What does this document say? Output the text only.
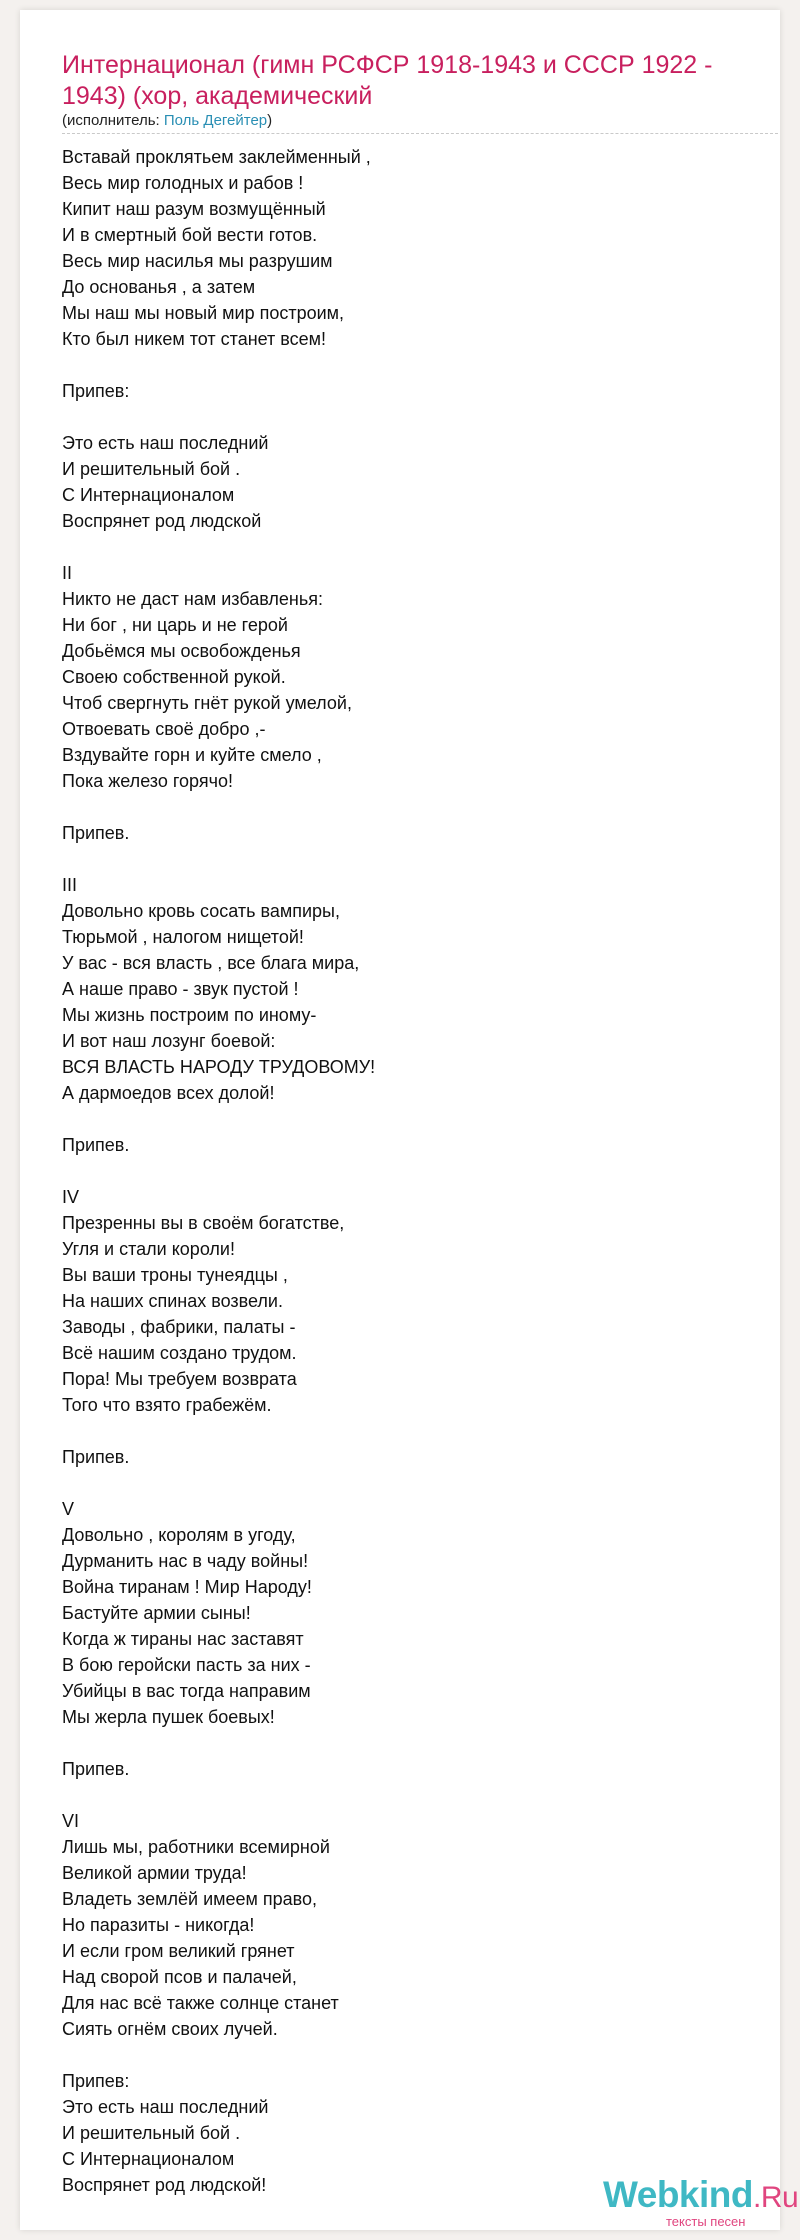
Интернационал (гимн РСФСР 1918-1943 и СССР 1922 - 1943) (хор, академический
(исполнитель: Поль Дегейтер)
Вставай проклятьем заклейменный ,
Весь мир голодных и рабов !
Кипит наш разум возмущённый
И в смертный бой вести готов.
Весь мир насилья мы разрушим
До основанья , а затем
Мы наш мы новый мир построим,
Кто был никем тот станет всем!
Припев:
Это есть наш последний
И решительный бой .
С Интернационалом
Воспрянет род людской
II
Никто не даст нам избавленья:
Ни бог , ни царь и не герой
Добьёмся мы освобожденья
Своею собственной рукой.
Чтоб свергнуть гнёт рукой умелой,
Отвоевать своё добро ,-
Вздувайте горн и куйте смело ,
Пока железо горячо!
Припев.
III
Довольно кровь сосать вампиры,
Тюрьмой , налогом нищетой!
У вас - вся власть , все блага мира,
А наше право - звук пустой !
Мы жизнь построим по иному-
И вот наш лозунг боевой:
ВСЯ ВЛАСТЬ НАРОДУ ТРУДОВОМУ!
А дармоедов всех долой!
Припев.
IV
Презренны вы в своём богатстве,
Угля и стали короли!
Вы ваши троны тунеядцы ,
На наших спинах возвели.
Заводы , фабрики, палаты -
Всё нашим создано трудом.
Пора! Мы требуем возврата
Того что взято грабежём.
Припев.
V
Довольно , королям в угоду,
Дурманить нас в чаду войны!
Война тиранам ! Мир Народу!
Бастуйте армии сыны!
Когда ж тираны нас заставят
В бою геройски пасть за них -
Убийцы в вас тогда направим
Мы жерла пушек боевых!
Припев.
VI
Лишь мы, работники всемирной
Великой армии труда!
Владеть землёй имеем право,
Но паразиты - никогда!
И если гром великий грянет
Над сворой псов и палачей,
Для нас всё также солнце станет
Сиять огнём своих лучей.
Припев:
Это есть наш последний
И решительный бой .
С Интернационалом
Воспрянет род людской!	Webkind.Ru
тексты песен
